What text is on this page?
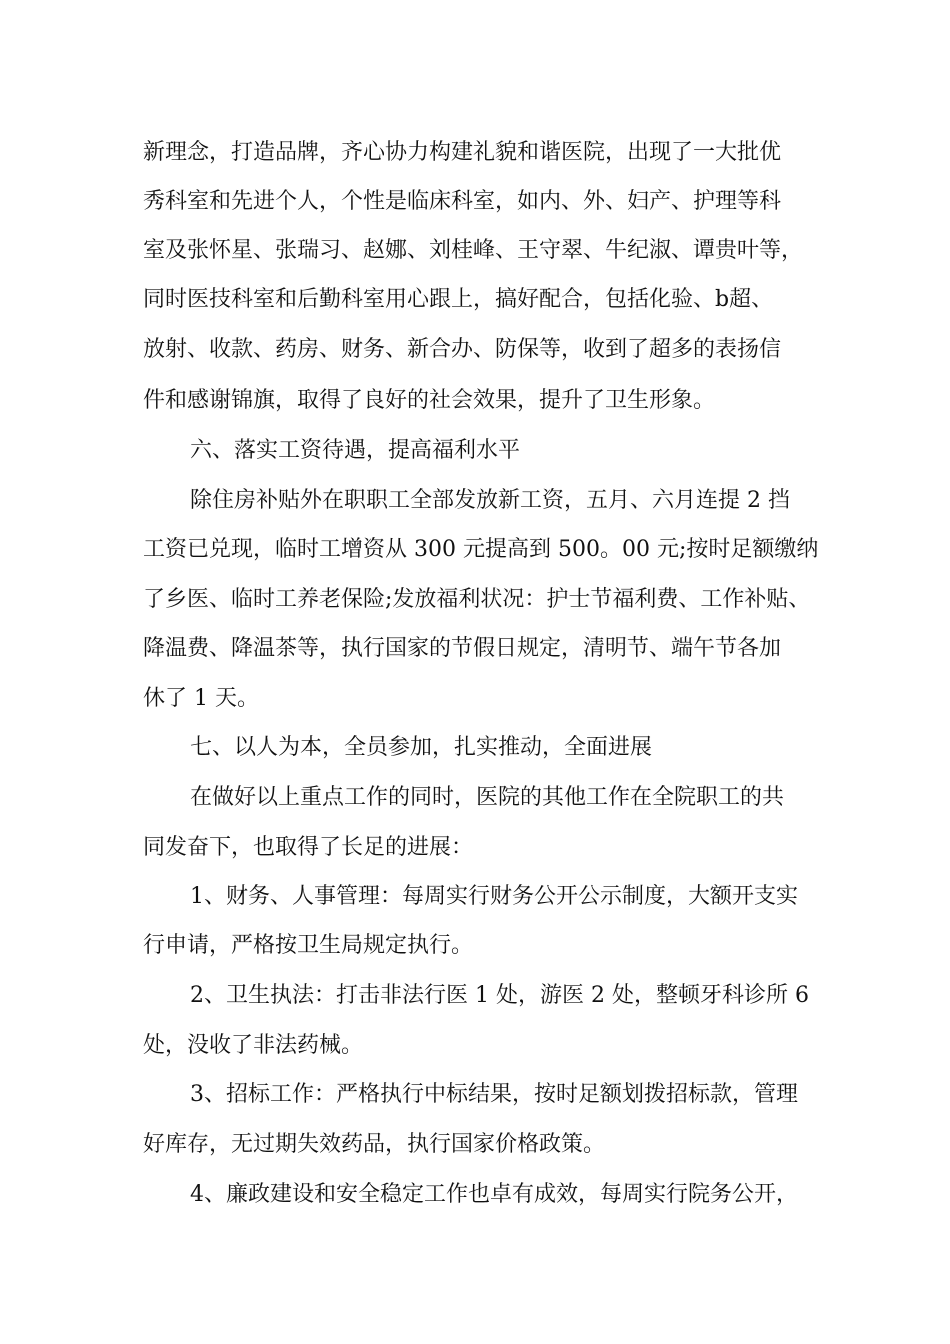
新理念，打造品牌，齐心协力构建礼貌和谐医院，出现了一大批优

秀科室和先进个人，个性是临床科室，如内、外、妇产、护理等科

室及张怀星、张瑞习、赵娜、刘桂峰、王守翠、牛纪淑、谭贵叶等，

同时医技科室和后勤科室用心跟上，搞好配合，包括化验、b超、

放射、收款、药房、财务、新合办、防保等，收到了超多的表扬信

件和感谢锦旗，取得了良好的社会效果，提升了卫生形象。

六、落实工资待遇，提高福利水平

除住房补贴外在职职工全部发放新工资，五月、六月连提 2 挡

工资已兑现，临时工增资从 300 元提高到 500。00 元;按时足额缴纳

了乡医、临时工养老保险;发放福利状况：护士节福利费、工作补贴、

降温费、降温茶等，执行国家的节假日规定，清明节、端午节各加

休了 1 天。

七、以人为本，全员参加，扎实推动，全面进展

在做好以上重点工作的同时，医院的其他工作在全院职工的共

同发奋下，也取得了长足的进展：

1、财务、人事管理：每周实行财务公开公示制度，大额开支实

行申请，严格按卫生局规定执行。

2、卫生执法：打击非法行医 1 处，游医 2 处，整顿牙科诊所 6

处，没收了非法药械。

3、招标工作：严格执行中标结果，按时足额划拨招标款，管理

好库存，无过期失效药品，执行国家价格政策。

4、廉政建设和安全稳定工作也卓有成效，每周实行院务公开，
